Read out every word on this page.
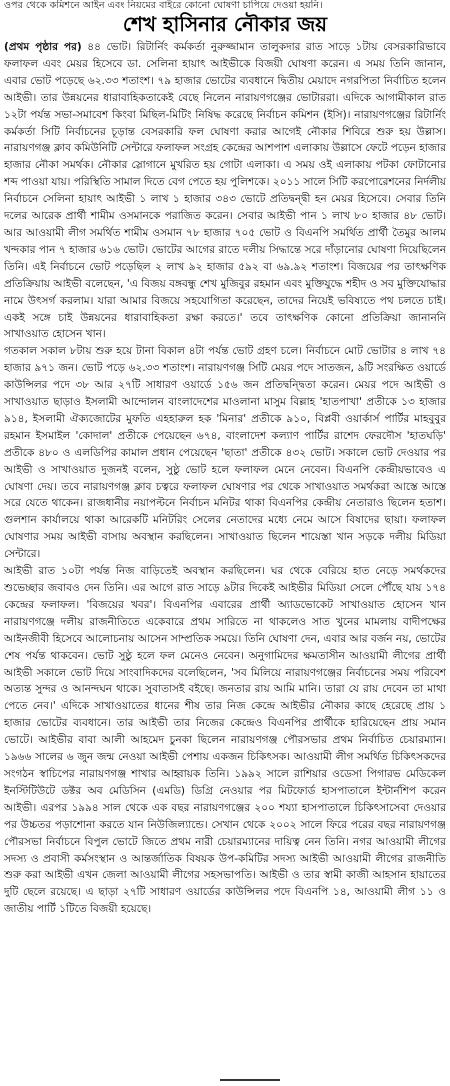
ওপর থেকে কমিশনে আইন এবং নিয়মের বাইরে কোনো ঘোষণা চাপিয়ে দেওয়া হয়নি।
শেখ হাসিনার নৌকার জয়

(প্রথম পৃষ্ঠার পর) ৪৪ ভোট। রিটার্নিং কর্মকর্তা নুরুজ্জামান তালুকদার রাত সাড়ে ১টায় বেসরকারিভাবে ফলাফল এবং মেয়র হিসেবে ডা. সেলিনা হায়াৎ আইভীকে বিজয়ী ঘোষণা করেন। এ সময় তিনি জানান, এবার ভোট পড়েছে ৬২.৩৩ শতাংশ। ৭৯ হাজার ভোটের ব্যবধানে দ্বিতীয় মেয়াদে নগরপিতা নির্বাচিত হলেন আইভী। তার উন্নয়নের ধারাবাহিকতাকেই বেছে নিলেন নারায়ণগঞ্জের ভোটাররা। এদিকে আগামীকাল রাত ১২টা পর্যন্ত সভা-সমাবেশ কিংবা মিছিল-মিটিং নিষিদ্ধ করেছে নির্বাচন কমিশন (ইসি)। নারায়ণগঞ্জের রিটার্নিং কর্মকর্তা সিটি নির্বাচনের চূড়ান্ত বেসরকারি ফল ঘোষণা করার আগেই নৌকার শিবিরে শুরু হয় উল্লাস। নারায়ণগঞ্জ ক্লাব কমিউনিটি সেন্টারে ফলাফল সংগ্রহ কেন্দ্রের আশপাশ এলাকায় উল্লাসে ফেটে পড়েন হাজার হাজার নৌকা সমর্থক। নৌকার স্লোগানে মুখরিত হয় গোটা এলাকা। এ সময় ওই এলাকায় পটকা ফোটানোর শব্দ পাওয়া যায়। পরিস্থিতি সামাল দিতে বেগ পেতে হয় পুলিশকে। ২০১১ সালে সিটি করপোরেশনের নির্দলীয় নির্বাচনে সেলিনা হায়াৎ আইভী ১ লাখ ১ হাজার ৩৪৩ ভোটে প্রতিদ্বন্দ্বী হন মেয়র হিসেবে। সেবার তিনি দলের আরেক প্রার্থী শামীম ওসমানকে পরাজিত করেন। সেবার আইভী পান ১ লাখ ৮০ হাজার ৪৮ ভোট। আর আওয়ামী লীগ সমর্থিত শামীম ওসমান ৭৮ হাজার ৭০৫ ভোট ও বিএনপি সমর্থিত প্রার্থী তৈমুর আলম খন্দকার পান ৭ হাজার ৬১৬ ভোট। ভোটের আগের রাতে দলীয় সিদ্ধান্তে সরে দাঁড়ানোর ঘোষণা দিয়েছিলেন তিনি। এই নির্বাচনে ভোট পড়েছিল ২ লাখ ৯২ হাজার ৫৯২ বা ৬৯.৯২ শতাংশ। বিজয়ের পর তাৎক্ষণিক প্রতিক্রিয়ায় আইভী বলেছেন, 'এ বিজয় বঙ্গবন্ধু শেখ মুজিবুর রহমান এবং মুক্তিযুদ্ধে শহীদ ও সব মুক্তিযোদ্ধার নামে উৎসর্গ করলাম। যারা আমার বিজয়ে সহযোগিতা করেছেন, তাদের নিয়েই ভবিষ্যতে পথ চলতে চাই। একই সঙ্গে চাই উন্নয়নের ধারাবাহিকতা রক্ষা করতে।' তবে তাৎক্ষণিক কোনো প্রতিক্রিয়া জানাননি সাখাওয়াত হোসেন খান।

গতকাল সকাল ৮টায় শুরু হয়ে টানা বিকাল ৪টা পর্যন্ত ভোট গ্রহণ চলে। নির্বাচনে মোট ভোটার ৪ লাখ ৭৪ হাজার ৯৭১ জন। ভোট পড়ে ৬২.৩৩ শতাংশ। নারায়ণগঞ্জ সিটি মেয়র পদে সাতজন, ৯টি সংরক্ষিত ওয়ার্ডে কাউন্সিলর পদে ৩৮ আর ২৭টি সাধারণ ওয়ার্ডে ১৫৬ জন প্রতিদ্বন্দ্বিতা করেন। মেয়র পদে আইভী ও সাখাওয়াত ছাড়াও ইসলামী আন্দোলন বাংলাদেশের মাওলানা মাসুম বিল্লাহ 'হাতপাখা' প্রতীকে ১৩ হাজার ৯১৪, ইসলামী ঐক্যজোটের মুফতি এহহারুল হক 'মিনার' প্রতীকে ৯১০, বিপ্লবী ওয়ার্কার্স পার্টির মাহবুবুর রহমান ইসমাইল 'কোদাল' প্রতীকে পেয়েছেন ৬৭৪, বাংলাদেশ কল্যাণ পার্টির রাশেদ ফেরদৌস 'হাতঘড়ি' প্রতীকে ৪৮০ ও এলডিপির কামাল প্রধান পেয়েছেন 'ছাতা' প্রতীকে ৪৩২ ভোট। সকালে ভোট দেওয়ার পর আইভী ও সাখাওয়াত দুজনই বলেন, সুষ্ঠু ভোট হলে ফলাফল মেনে নেবেন। বিএনপি কেন্দ্রীয়ভাবেও এ ঘোষণা দেয়। তবে নারায়ণগঞ্জ ক্লাব চত্বরে ফলাফল ঘোষণার পর থেকে সাখাওয়াত সমর্থকরা আস্তে আস্তে সরে যেতে থাকেন। রাজধানীর নয়াপল্টনে নির্বাচন মনিটর থাকা বিএনপির কেন্দ্রীয় নেতারাও ছিলেন হতাশ। গুলশান কার্যালয়ে থাকা আরেকটি মনিটরিং সেলের নেতাদের মধ্যে নেমে আসে বিষাদের ছায়া। ফলাফল ঘোষণার সময় আইভী বাসায় অবস্থান করছিলেন। সাখাওয়াত ছিলেন শায়েস্তা খান সড়কে দলীয় মিডিয়া সেন্টারে।

আইভী রাত ১০টা পর্যন্ত নিজ বাড়িতেই অবস্থান করছিলেন। ঘর থেকে বেরিয়ে হাত নেড়ে সমর্থকদের শুভেচ্ছার জবাবও দেন তিনি। এর আগে রাত সাড়ে ৯টার দিকেই আইভীর মিডিয়া সেলে পৌঁছে যায় ১৭৪ কেন্দ্রের ফলাফল। 'বিজয়ের খবর'। বিএনপির এবারের প্রার্থী অ্যাডভোকেট সাখাওয়াত হোসেন খান নারায়ণগঞ্জে দলীয় রাজনীতিতে একেবারে প্রথম সারিতে না থাকলেও সাত খুনের মামলায় বাদীপক্ষের আইনজীবী হিসেবে আলোচনায় আসেন সাম্প্রতিক সময়ে। তিনি ঘোষণা দেন, এবার আর বর্জন নয়, ভোটের শেষ পর্যন্ত থাকবেন। ভোট সুষ্ঠু হলে ফল মেনেও নেবেন। অনুগামিদের ক্ষমতাসীন আওয়ামী লীগের প্রার্থী আইভী সকালে ভোট দিয়ে সাংবাদিকদের বলেছিলেন, 'সব মিলিয়ে নারায়ণগঞ্জের নির্বাচনের সময় পরিবেশ অত্যন্ত সুন্দর ও আনন্দঘন থাকে। সুবাতাসই বইছে। জনতার রায় আমি মানি। তারা যে রায় দেবেন তা মাথা পেতে নেব।' এদিকে সাখাওয়াতের ধানের শীষ তার নিজ কেন্দ্রে আইভীর নৌকার কাছে হেরেছে প্রায় ১ হাজার ভোটের ব্যবধানে। তার আইভী তার নিজের কেন্দ্রেও বিএনপির প্রার্থীকে হারিয়েছেন প্রায় সমান ভোটে। আইভীর বাবা আলী আহমেদ চুনকা ছিলেন নারায়ণগঞ্জ পৌরসভার প্রথম নির্বাচিত চেয়ারম্যান। ১৯৬৬ সালের ৬ জুন জন্ম নেওয়া আইভী পেশায় একজন চিকিৎসক। আওয়ামী লীগ সমর্থিত চিকিৎসকদের সংগঠন স্বাচিপের নারায়ণগঞ্জ শাখার আহ্বায়ক তিনি। ১৯৯২ সালে রাশিয়ার ওডেসা পিগারভ মেডিকেল ইনস্টিটিউটে ডক্টর অব মেডিসিন (এমডি) ডিগ্রি নেওয়ার পর মিটফোর্ড হাসপাতালে ইন্টার্নশিপ করেন আইভী। এরপর ১৯৯৪ সাল থেকে এক বছর নারায়ণগঞ্জের ২০০ শয্যা হাসপাতালে চিকিৎসাসেবা দেওয়ার পর উচ্চতর পড়াশোনা করতে যান নিউজিল্যান্ডে। সেখান থেকে ২০০২ সালে ফিরে পরের বছর নারায়ণগঞ্জ পৌরসভা নির্বাচনে বিপুল ভোটে জিতে প্রথম নারী চেয়ারম্যানের দায়িত্ব নেন তিনি। নগর আওয়ামী লীগের সদস্য ও প্রবাসী কর্মসংস্থান ও আন্তর্জাতিক বিষয়ক উপ-কমিটির সদস্য আইভী আওয়ামী লীগের রাজনীতি শুরু করা আইভী এখন জেলা আওয়ামী লীগের সহসভাপতি। আইভী ও তার স্বামী কাজী আহসান হায়াতের দুটি ছেলে রয়েছে। এ ছাড়া ২৭টি সাধারণ ওয়ার্ডের কাউন্সিলর পদে বিএনপি ১৪, আওয়ামী লীগ ১১ ও জাতীয় পার্টি ১টিতে বিজয়ী হয়েছে।
